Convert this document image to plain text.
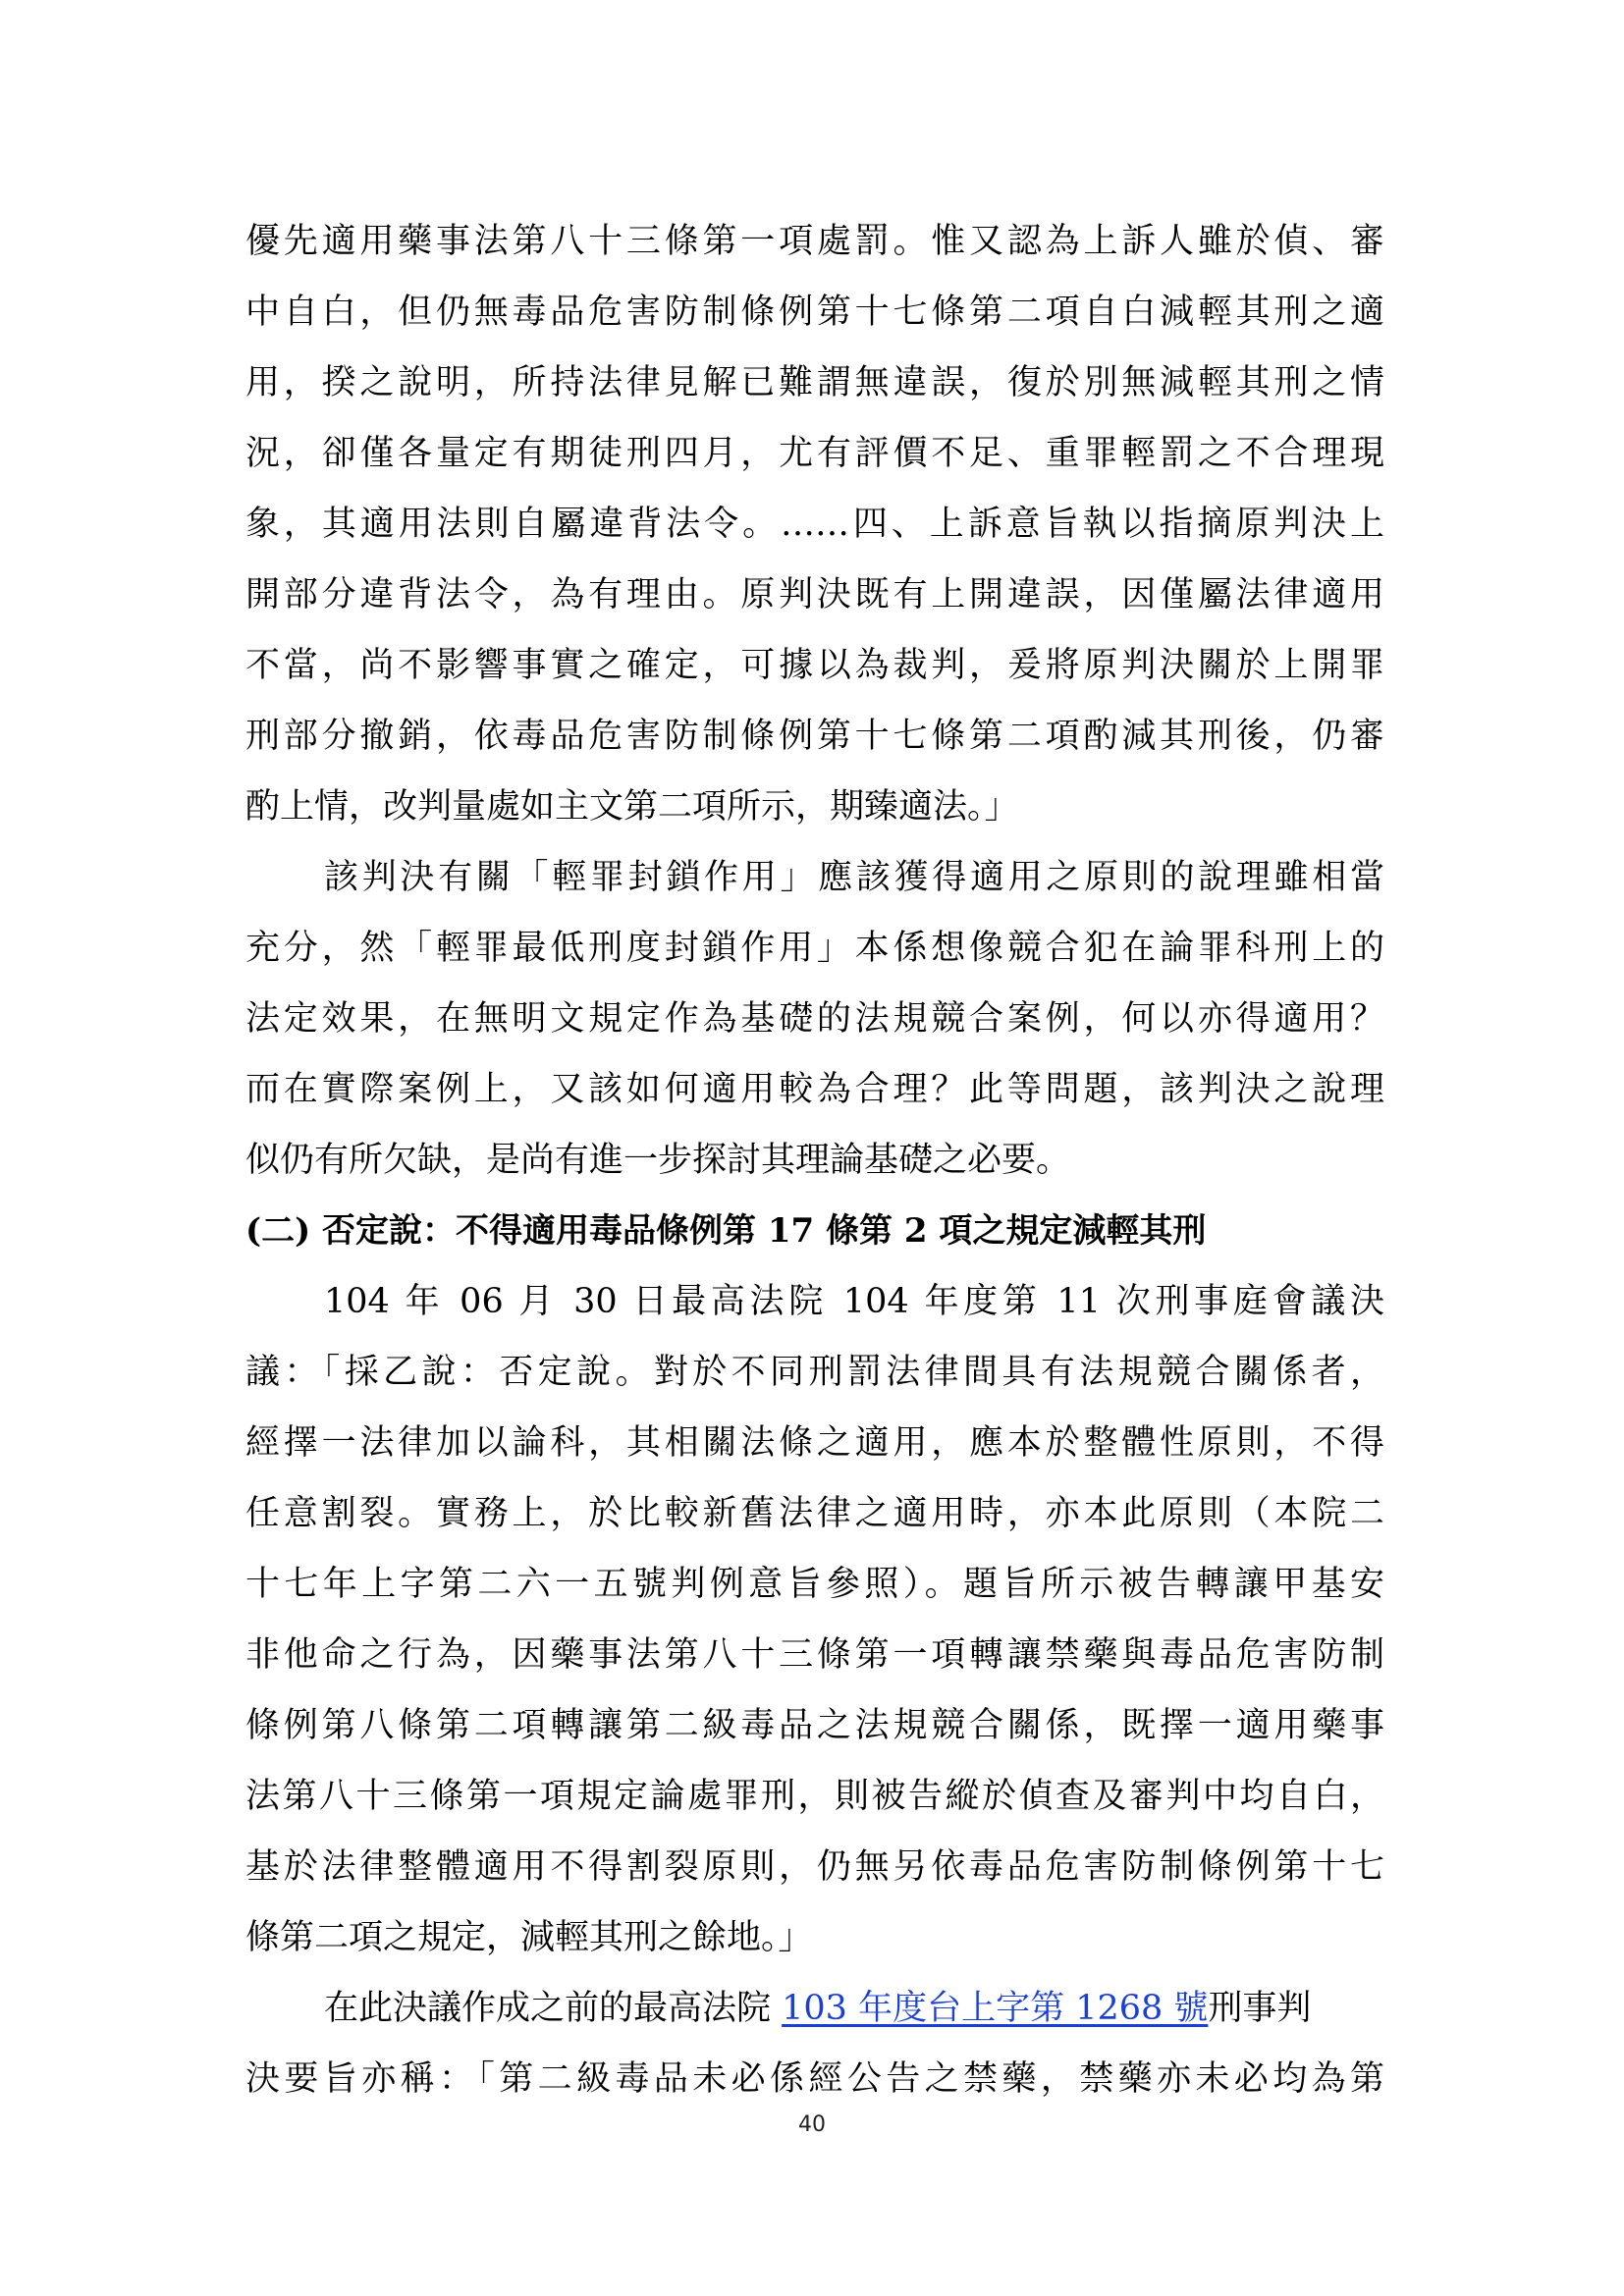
優先適用藥事法第八十三條第一項處罰。惟又認為上訴人雖於偵、審
中自白，但仍無毒品危害防制條例第十七條第二項自白減輕其刑之適
用，揆之說明，所持法律見解已難謂無違誤，復於別無減輕其刑之情
況，卻僅各量定有期徒刑四月，尤有評價不足、重罪輕罰之不合理現
象，其適用法則自屬違背法令。……四、上訴意旨執以指摘原判決上
開部分違背法令，為有理由。原判決既有上開違誤，因僅屬法律適用
不當，尚不影響事實之確定，可據以為裁判，爰將原判決關於上開罪
刑部分撤銷，依毒品危害防制條例第十七條第二項酌減其刑後，仍審
酌上情，改判量處如主文第二項所示，期臻適法。」
該判決有關「輕罪封鎖作用」應該獲得適用之原則的說理雖相當
充分，然「輕罪最低刑度封鎖作用」本係想像競合犯在論罪科刑上的
法定效果，在無明文規定作為基礎的法規競合案例，何以亦得適用？
而在實際案例上，又該如何適用較為合理？此等問題，該判決之說理
似仍有所欠缺，是尚有進一步探討其理論基礎之必要。
(二) 否定說：不得適用毒品條例第 17 條第 2 項之規定減輕其刑
104 年 06 月 30 日最高法院 104 年度第 11 次刑事庭會議決
議：「採乙說：否定說。對於不同刑罰法律間具有法規競合關係者，
經擇一法律加以論科，其相關法條之適用，應本於整體性原則，不得
任意割裂。實務上，於比較新舊法律之適用時，亦本此原則（本院二
十七年上字第二六一五號判例意旨參照）。題旨所示被告轉讓甲基安
非他命之行為，因藥事法第八十三條第一項轉讓禁藥與毒品危害防制
條例第八條第二項轉讓第二級毒品之法規競合關係，既擇一適用藥事
法第八十三條第一項規定論處罪刑，則被告縱於偵查及審判中均自白，
基於法律整體適用不得割裂原則，仍無另依毒品危害防制條例第十七
條第二項之規定，減輕其刑之餘地。」
在此決議作成之前的最高法院 103 年度台上字第 1268 號刑事判
決要旨亦稱：「第二級毒品未必係經公告之禁藥，禁藥亦未必均為第
40
